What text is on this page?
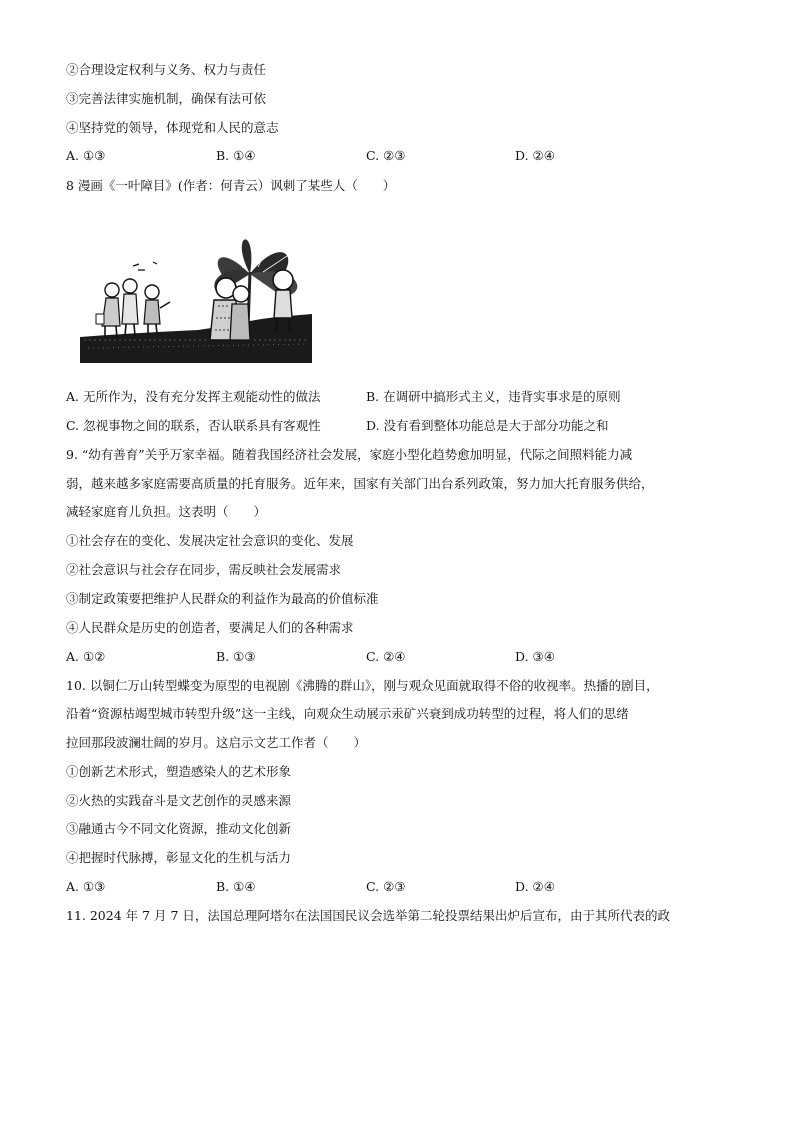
②合理设定权利与义务、权力与责任
③完善法律实施机制，确保有法可依
④坚持党的领导，体现党和人民的意志
A. ①③	B. ①④	C. ②③	D. ②④
8 漫画《一叶障目》(作者：何青云）讽刺了某些人（　　）
A. 无所作为，没有充分发挥主观能动性的做法	B. 在调研中搞形式主义，违背实事求是的原则
C. 忽视事物之间的联系，否认联系具有客观性	D. 没有看到整体功能总是大于部分功能之和
9. “幼有善育”关乎万家幸福。随着我国经济社会发展，家庭小型化趋势愈加明显，代际之间照料能力减
弱，越来越多家庭需要高质量的托育服务。近年来，国家有关部门出台系列政策，努力加大托育服务供给，
减轻家庭育儿负担。这表明（　　）
①社会存在的变化、发展决定社会意识的变化、发展
②社会意识与社会存在同步，需反映社会发展需求
③制定政策要把维护人民群众的利益作为最高的价值标准
④人民群众是历史的创造者，要满足人们的各种需求
A. ①②	B. ①③	C. ②④	D. ③④
10. 以铜仁万山转型蝶变为原型的电视剧《沸腾的群山》，刚与观众见面就取得不俗的收视率。热播的剧目，
沿着“资源枯竭型城市转型升级”这一主线，向观众生动展示汞矿兴衰到成功转型的过程，将人们的思绪
拉回那段波澜壮阔的岁月。这启示文艺工作者（　　）
①创新艺术形式，塑造感染人的艺术形象
②火热的实践奋斗是文艺创作的灵感来源
③融通古今不同文化资源，推动文化创新
④把握时代脉搏，彰显文化的生机与活力
A. ①③	B. ①④	C. ②③	D. ②④
11. 2024 年 7 月 7 日，法国总理阿塔尔在法国国民议会选举第二轮投票结果出炉后宣布，由于其所代表的政
